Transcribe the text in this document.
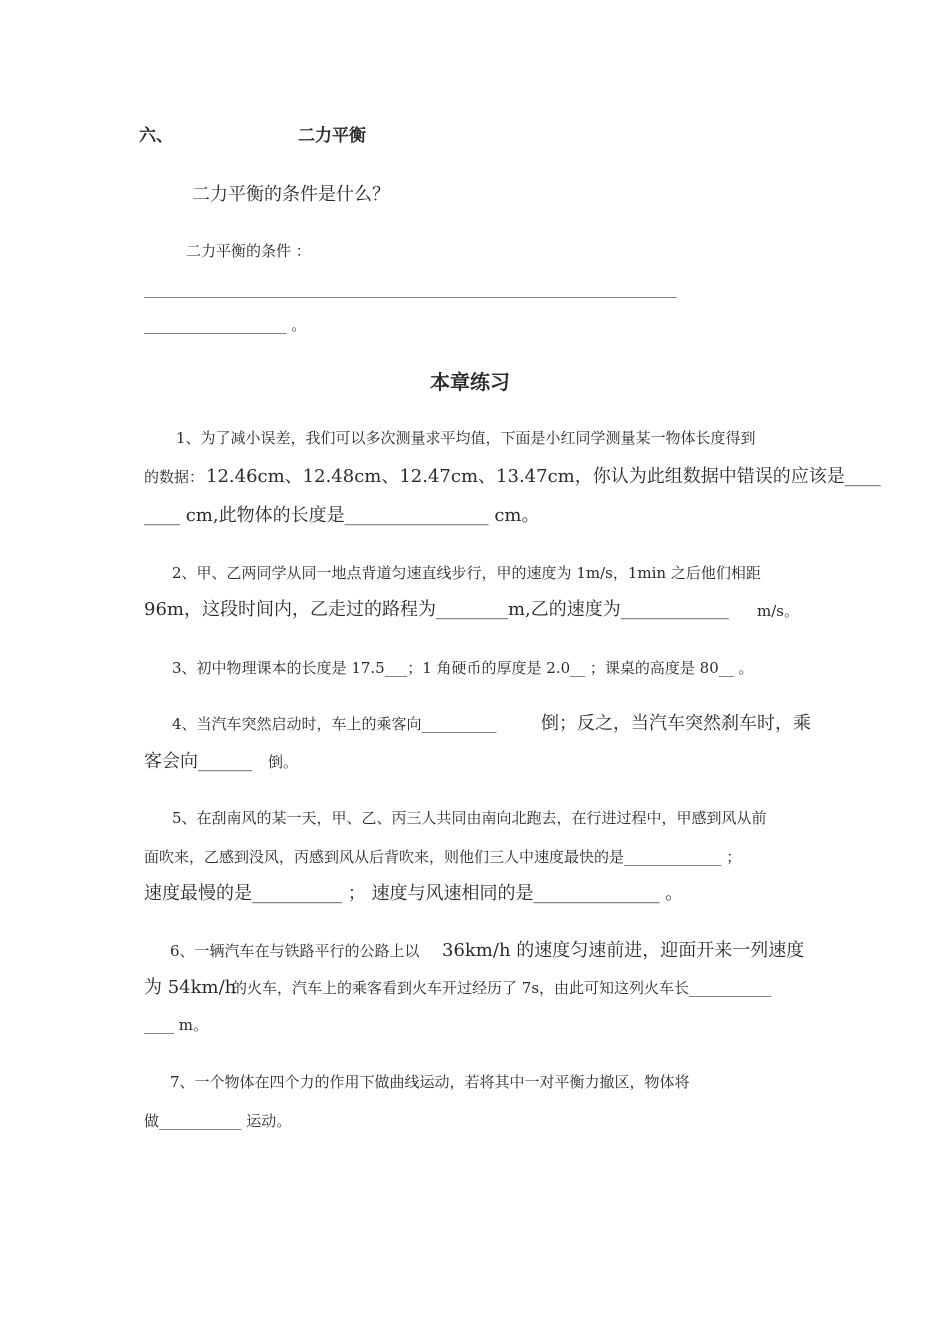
六、	二力平衡
二力平衡的条件是什么？
二力平衡的条件 ：
_______________________________________________________________________
___________________ 。
本章练习
1、为了减小误差，我们可以多次测量求平均值，下面是小红同学测量某一物体长度得到
的数据： 12.46cm、12.48cm、12.47cm、13.47cm，你认为此组数据中错误的应该是____
____ cm,此物体的长度是________________ cm。
2、甲、乙两同学从同一地点背道匀速直线步行，甲的速度为 1m/s，1min 之后他们相距
96m，这段时间内，乙走过的路程为________m,乙的速度为____________ m/s。
3、初中物理课本的长度是 17.5___；1 角硬币的厚度是 2.0__ ；课桌的高度是 80__ 。
4、当汽车突然启动时，车上的乘客向__________ 倒；反之，当汽车突然刹车时，乘
客会向______ 倒。
5、在刮南风的某一天，甲、乙、丙三人共同由南向北跑去，在行进过程中，甲感到风从前
面吹来，乙感到没风，丙感到风从后背吹来，则他们三人中速度最快的是_____________ ；
速度最慢的是__________ ； 速度与风速相同的是______________ 。
6、一辆汽车在与铁路平行的公路上以 36km/h 的速度匀速前进，迎面开来一列速度
为 54km/h
的火车，汽车上的乘客看到火车开过经历了 7s，由此可知这列火车长___________
____ m。
7、一个物体在四个力的作用下做曲线运动，若将其中一对平衡力撤区，物体将
做___________ 运动。
